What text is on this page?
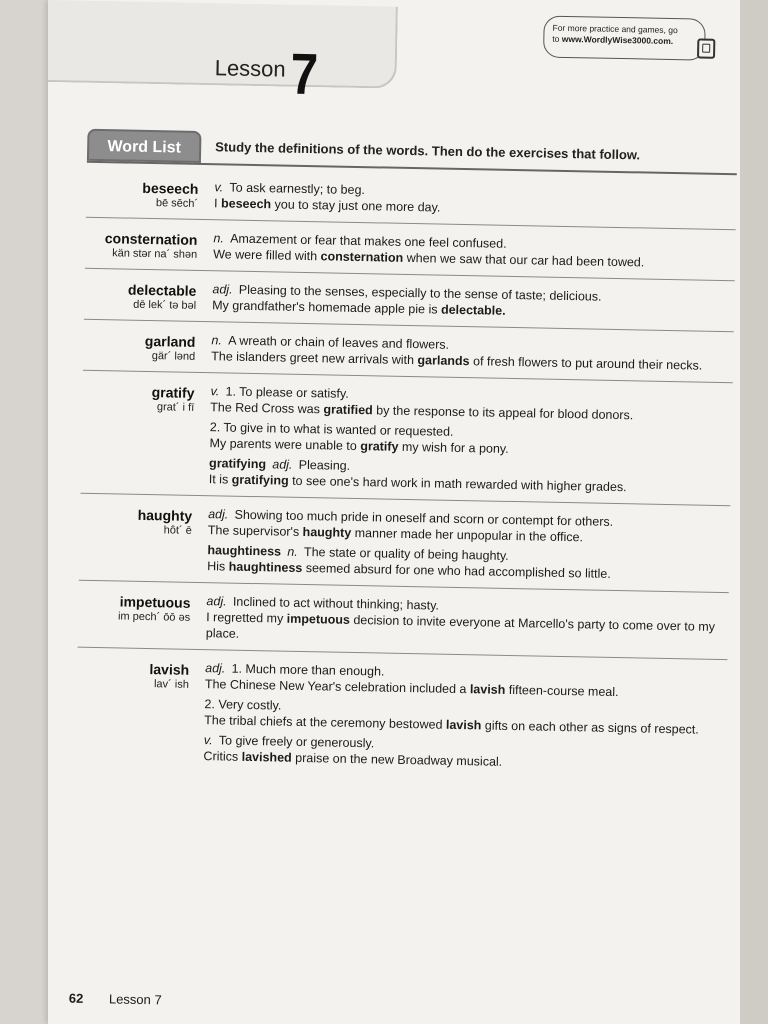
Lesson 7
For more practice and games, go
to www.WordlyWise3000.com.
Word List	Study the definitions of the words. Then do the exercises that follow.
beseech
bē sēch´
v.  To ask earnestly; to beg.
I beseech you to stay just one more day.
consternation
kän stər na´ shən
n.  Amazement or fear that makes one feel confused.
We were filled with consternation when we saw that our car had been towed.
delectable
dē lek´ tə bəl
adj.  Pleasing to the senses, especially to the sense of taste; delicious.
My grandfather's homemade apple pie is delectable.
garland
gär´ lənd
n.  A wreath or chain of leaves and flowers.
The islanders greet new arrivals with garlands of fresh flowers to put around their necks.
gratify
grat´ i fī
v.  1. To please or satisfy.
The Red Cross was gratified by the response to its appeal for blood donors.
2. To give in to what is wanted or requested.
My parents were unable to gratify my wish for a pony.
gratifying  adj.  Pleasing.
It is gratifying to see one's hard work in math rewarded with higher grades.
haughty
hôt´ ē
adj.  Showing too much pride in oneself and scorn or contempt for others.
The supervisor's haughty manner made her unpopular in the office.
haughtiness  n.  The state or quality of being haughty.
His haughtiness seemed absurd for one who had accomplished so little.
impetuous
im pech´ ōō əs
adj.  Inclined to act without thinking; hasty.
I regretted my impetuous decision to invite everyone at Marcello's party to come over to my place.
lavish
lav´ ish
adj.  1. Much more than enough.
The Chinese New Year's celebration included a lavish fifteen-course meal.
2. Very costly.
The tribal chiefs at the ceremony bestowed lavish gifts on each other as signs of respect.
v.  To give freely or generously.
Critics lavished praise on the new Broadway musical.
62 Lesson 7
